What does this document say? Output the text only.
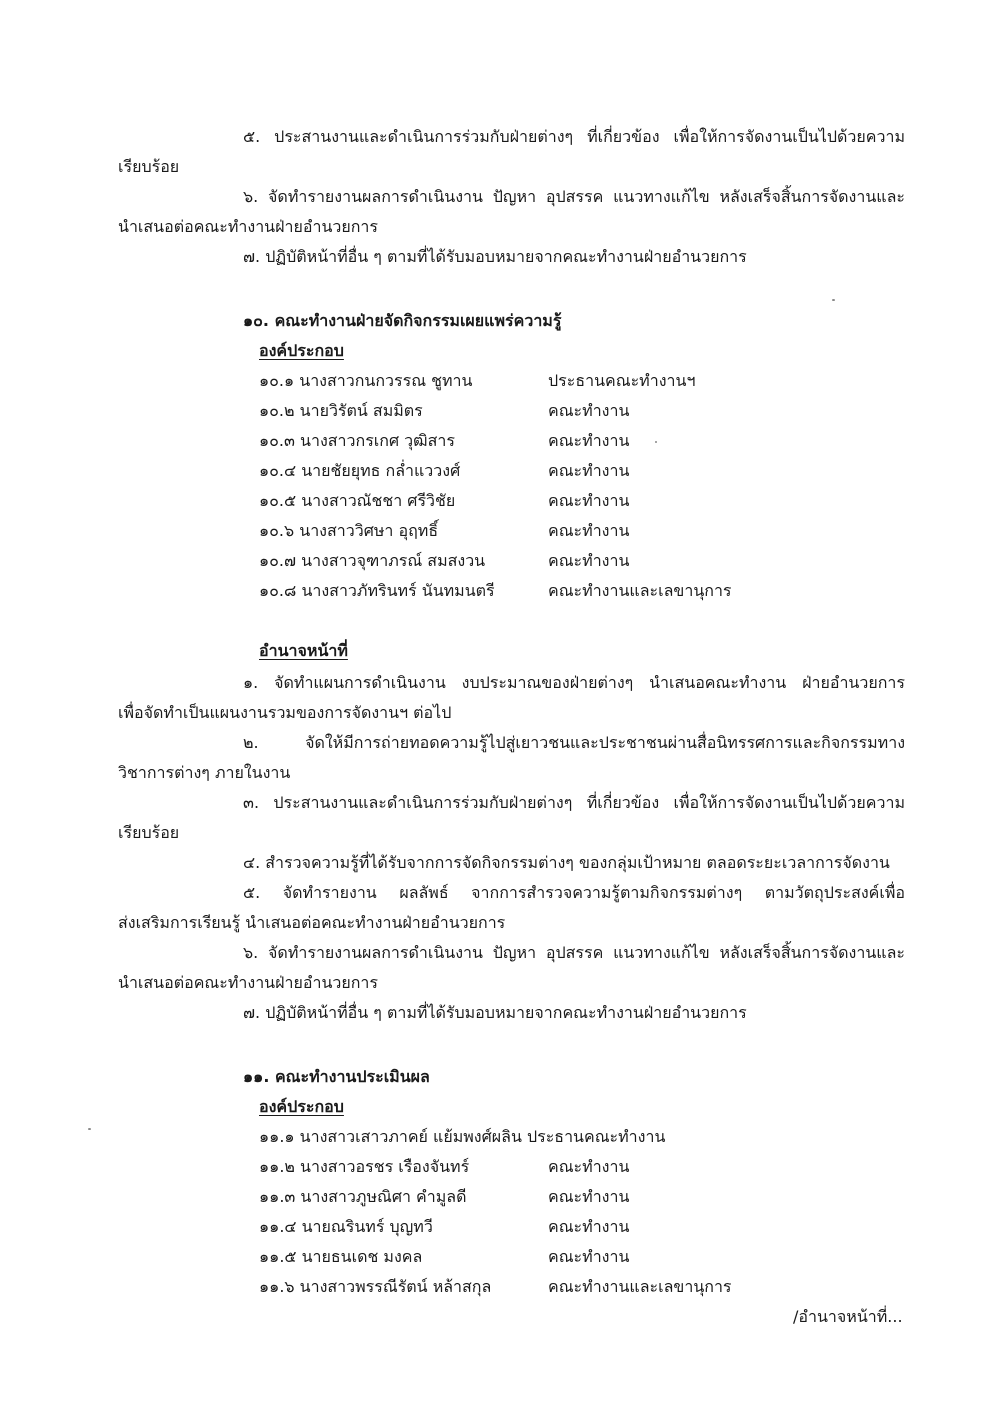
๕. ประสานงานและดำเนินการร่วมกับฝ่ายต่างๆ ที่เกี่ยวข้อง เพื่อให้การจัดงานเป็นไปด้วยความ
เรียบร้อย
๖. จัดทำรายงานผลการดำเนินงาน ปัญหา อุปสรรค แนวทางแก้ไข หลังเสร็จสิ้นการจัดงานและ
นำเสนอต่อคณะทำงานฝ่ายอำนวยการ
๗. ปฏิบัติหน้าที่อื่น ๆ ตามที่ได้รับมอบหมายจากคณะทำงานฝ่ายอำนวยการ
๑๐. คณะทำงานฝ่ายจัดกิจกรรมเผยแพร่ความรู้
องค์ประกอบ
๑๐.๑ นางสาวกนกวรรณ ชูทาน	ประธานคณะทำงานฯ
๑๐.๒ นายวิรัตน์ สมมิตร	คณะทำงาน
๑๐.๓ นางสาวกรเกศ วุฒิสาร	คณะทำงาน
๑๐.๔ นายชัยยุทธ กล่ำแววงศ์	คณะทำงาน
๑๐.๕ นางสาวณัชชา ศรีวิชัย	คณะทำงาน
๑๐.๖ นางสาววิศษา อุฤทธิ์	คณะทำงาน
๑๐.๗ นางสาวจุฑาภรณ์ สมสงวน	คณะทำงาน
๑๐.๘ นางสาวภัทรินทร์ นันทมนตรี	คณะทำงานและเลขานุการ
อำนาจหน้าที่
๑. จัดทำแผนการดำเนินงาน งบประมาณของฝ่ายต่างๆ นำเสนอคณะทำงาน ฝ่ายอำนวยการ
เพื่อจัดทำเป็นแผนงานรวมของการจัดงานฯ ต่อไป
๒. จัดให้มีการถ่ายทอดความรู้ไปสู่เยาวชนและประชาชนผ่านสื่อนิทรรศการและกิจกรรมทาง
วิชาการต่างๆ ภายในงาน
๓. ประสานงานและดำเนินการร่วมกับฝ่ายต่างๆ ที่เกี่ยวข้อง เพื่อให้การจัดงานเป็นไปด้วยความ
เรียบร้อย
๔. สำรวจความรู้ที่ได้รับจากการจัดกิจกรรมต่างๆ ของกลุ่มเป้าหมาย ตลอดระยะเวลาการจัดงาน
๕. จัดทำรายงาน ผลลัพธ์ จากการสำรวจความรู้ตามกิจกรรมต่างๆ ตามวัตถุประสงค์เพื่อ
ส่งเสริมการเรียนรู้ นำเสนอต่อคณะทำงานฝ่ายอำนวยการ
๖. จัดทำรายงานผลการดำเนินงาน ปัญหา อุปสรรค แนวทางแก้ไข หลังเสร็จสิ้นการจัดงานและ
นำเสนอต่อคณะทำงานฝ่ายอำนวยการ
๗. ปฏิบัติหน้าที่อื่น ๆ ตามที่ได้รับมอบหมายจากคณะทำงานฝ่ายอำนวยการ
๑๑. คณะทำงานประเมินผล
องค์ประกอบ
๑๑.๑ นางสาวเสาวภาคย์ แย้มพงศ์ผลิน ประธานคณะทำงาน
๑๑.๒ นางสาวอรชร เรืองจันทร์	คณะทำงาน
๑๑.๓ นางสาวภูษณิศา คำมูลดี	คณะทำงาน
๑๑.๔ นายณรินทร์ บุญทวี	คณะทำงาน
๑๑.๕ นายธนเดช มงคล	คณะทำงาน
๑๑.๖ นางสาวพรรณีรัตน์ หล้าสกุล	คณะทำงานและเลขานุการ
/อำนาจหน้าที่...
